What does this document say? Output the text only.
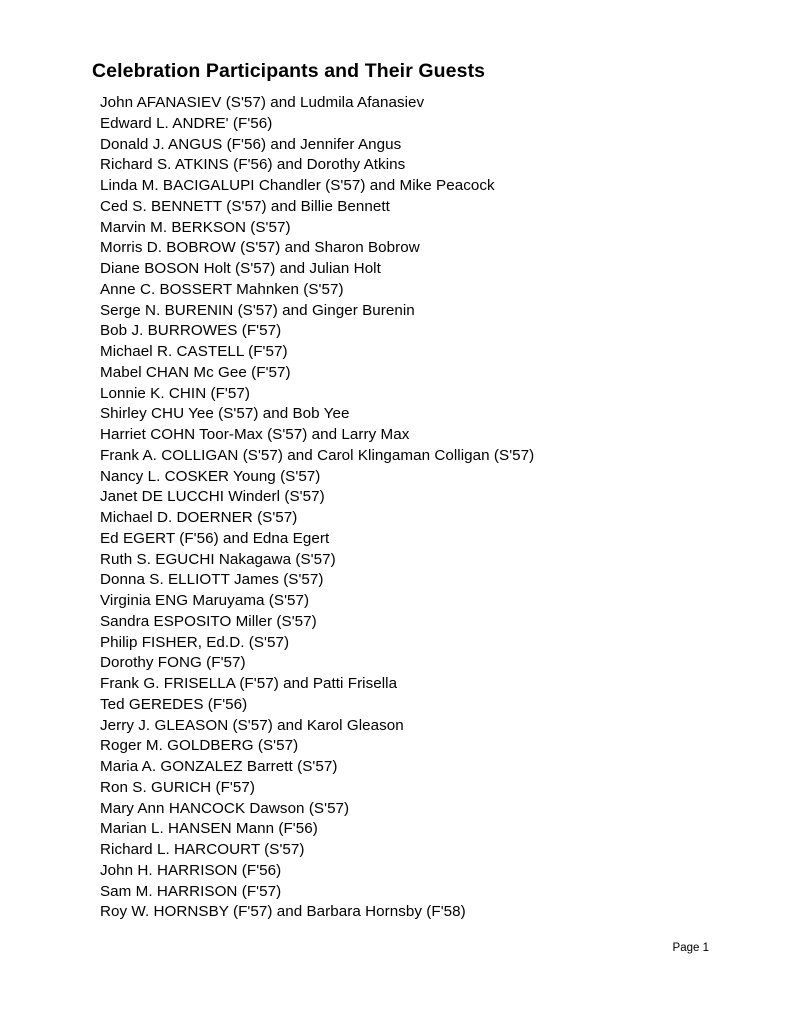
Celebration Participants and Their Guests
John AFANASIEV (S'57) and Ludmila Afanasiev
Edward L. ANDRE' (F'56)
Donald J. ANGUS (F'56) and Jennifer Angus
Richard S. ATKINS (F'56) and Dorothy Atkins
Linda M. BACIGALUPI Chandler (S'57) and Mike Peacock
Ced S. BENNETT (S'57) and Billie Bennett
Marvin M. BERKSON (S'57)
Morris D. BOBROW (S'57) and Sharon Bobrow
Diane BOSON Holt (S'57) and Julian Holt
Anne C. BOSSERT Mahnken (S'57)
Serge N. BURENIN (S'57) and Ginger Burenin
Bob J. BURROWES (F'57)
Michael R. CASTELL (F'57)
Mabel CHAN Mc Gee (F'57)
Lonnie K. CHIN (F'57)
Shirley CHU Yee (S'57) and Bob Yee
Harriet COHN Toor-Max (S'57) and Larry Max
Frank A. COLLIGAN (S'57) and Carol Klingaman Colligan (S'57)
Nancy L. COSKER Young (S'57)
Janet DE LUCCHI Winderl (S'57)
Michael D. DOERNER (S'57)
Ed EGERT (F'56) and Edna Egert
Ruth S. EGUCHI Nakagawa (S'57)
Donna S. ELLIOTT James (S'57)
Virginia ENG Maruyama (S'57)
Sandra ESPOSITO Miller (S'57)
Philip FISHER, Ed.D. (S'57)
Dorothy FONG (F'57)
Frank G. FRISELLA (F'57) and Patti Frisella
Ted GEREDES (F'56)
Jerry J. GLEASON (S'57) and Karol Gleason
Roger M. GOLDBERG (S'57)
Maria A. GONZALEZ Barrett (S'57)
Ron S. GURICH (F'57)
Mary Ann HANCOCK Dawson (S'57)
Marian L. HANSEN Mann (F'56)
Richard L. HARCOURT (S'57)
John H. HARRISON (F'56)
Sam M. HARRISON (F'57)
Roy W. HORNSBY (F'57) and Barbara Hornsby (F'58)
Page 1
